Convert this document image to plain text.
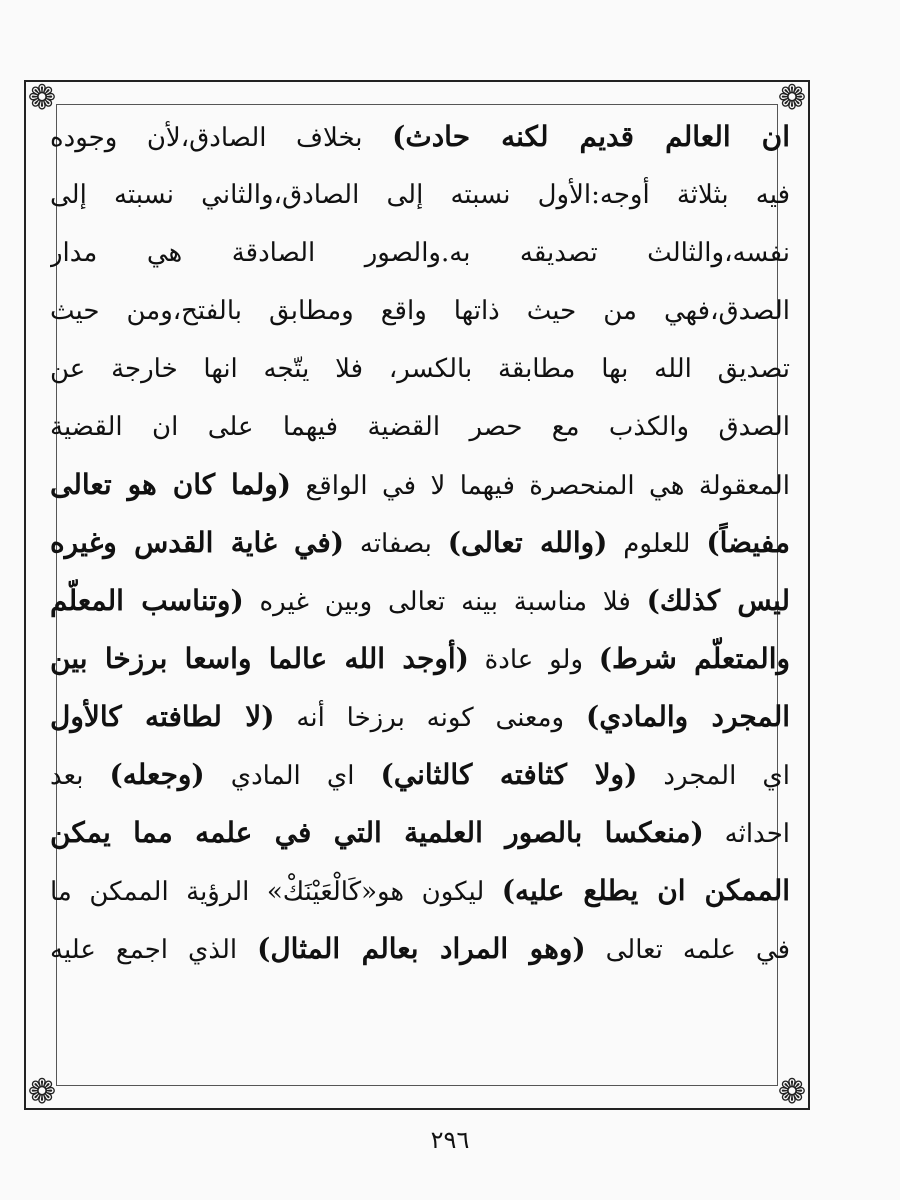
❁	❁
❁	❁
ان العالم قديم لكنه حادث) بخلاف الصادق،لأن وجوده
فيه بثلاثة أوجه:الأول نسبته إلى الصادق،والثاني نسبته إلى
نفسه،والثالث تصديقه به.والصور الصادقة هي مدار
الصدق،فهي من حيث ذاتها واقع ومطابق بالفتح،ومن حيث
تصديق الله بها مطابقة بالكسر، فلا يتّجه انها خارجة عن
الصدق والكذب مع حصر القضية فيهما على ان القضية
المعقولة هي المنحصرة فيهما لا في الواقع (ولما كان هو تعالى
مفيضاً) للعلوم (والله تعالى) بصفاته (في غاية القدس وغيره
ليس كذلك) فلا مناسبة بينه تعالى وبين غيره (وتناسب المعلّم
والمتعلّم شرط) ولو عادة (أوجد الله عالما واسعا برزخا بين
المجرد والمادي) ومعنى كونه برزخا أنه (لا لطافته كالأول
اي المجرد (ولا كثافته كالثاني) اي المادي (وجعله) بعد
احداثه (منعكسا بالصور العلمية التي في علمه مما يمكن
الممكن ان يطلع عليه) ليكون هو«كَالْعَيْنَكْ» الرؤية الممكن ما
في علمه تعالى (وهو المراد بعالم المثال) الذي اجمع عليه
٢٩٦
